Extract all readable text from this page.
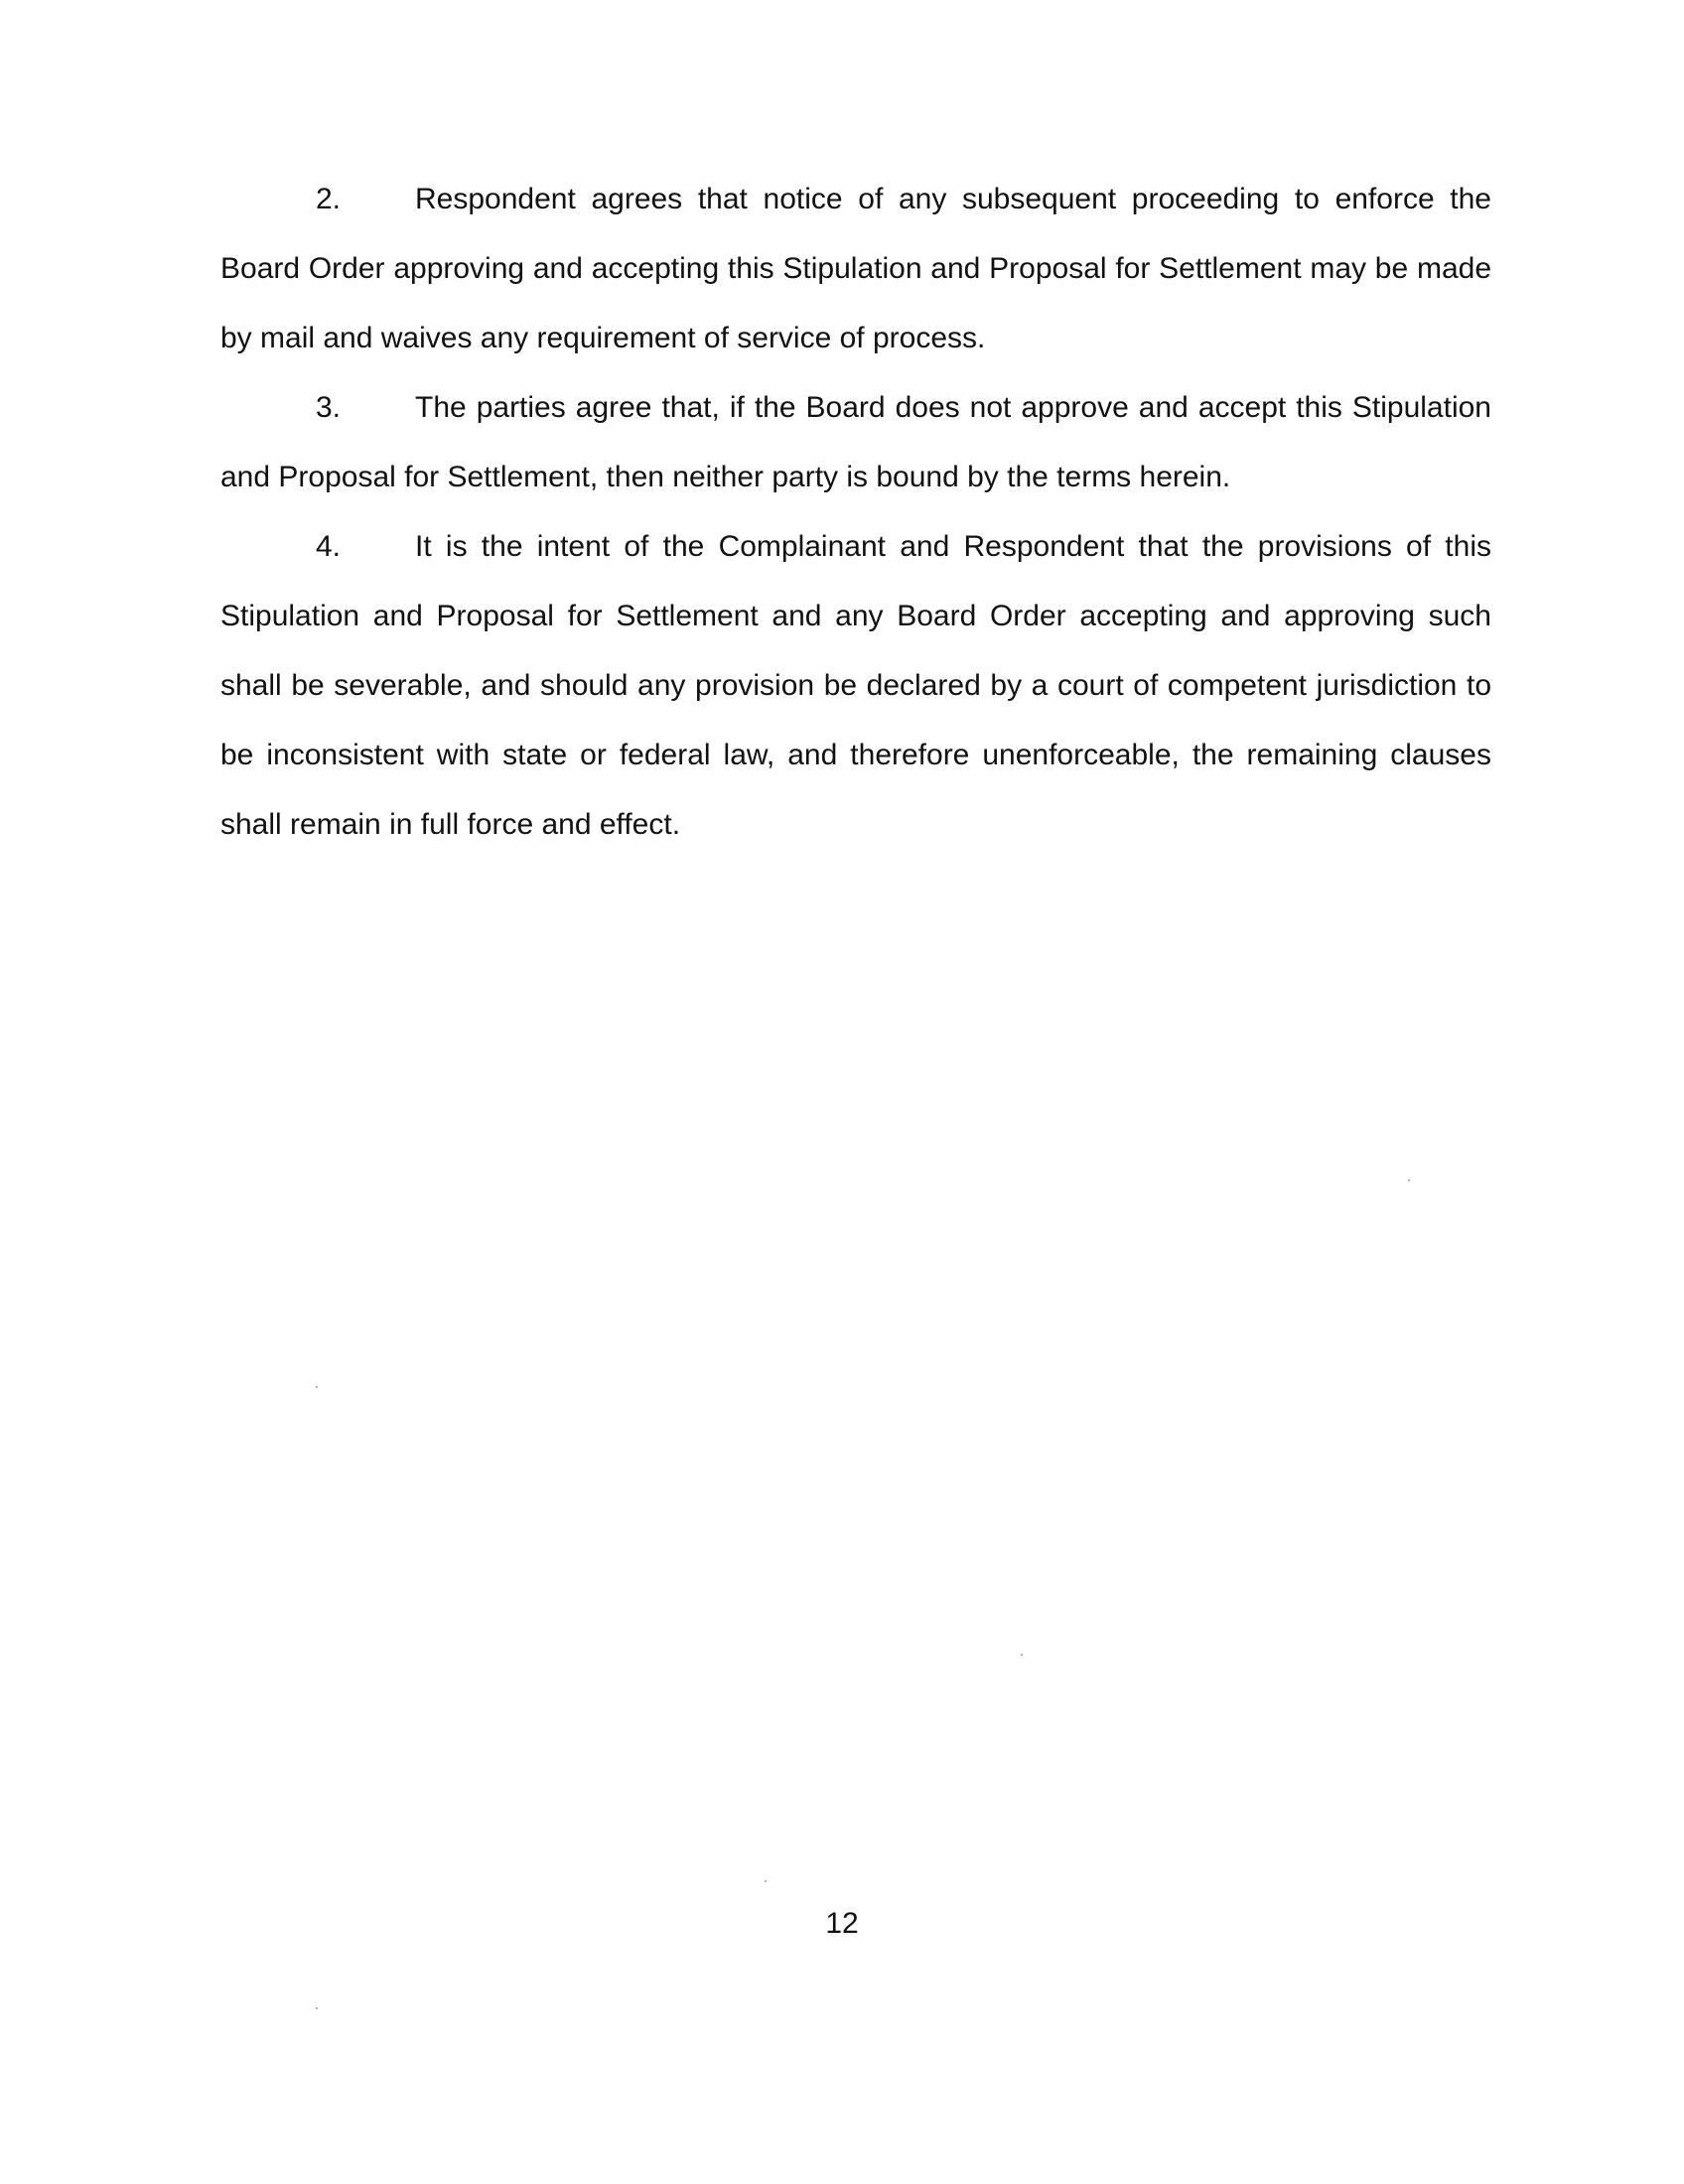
2. Respondent agrees that notice of any subsequent proceeding to enforce the Board Order approving and accepting this Stipulation and Proposal for Settlement may be made by mail and waives any requirement of service of process.

3. The parties agree that, if the Board does not approve and accept this Stipulation and Proposal for Settlement, then neither party is bound by the terms herein.

4. It is the intent of the Complainant and Respondent that the provisions of this Stipulation and Proposal for Settlement and any Board Order accepting and approving such shall be severable, and should any provision be declared by a court of competent jurisdiction to be inconsistent with state or federal law, and therefore unenforceable, the remaining clauses shall remain in full force and effect.

12
